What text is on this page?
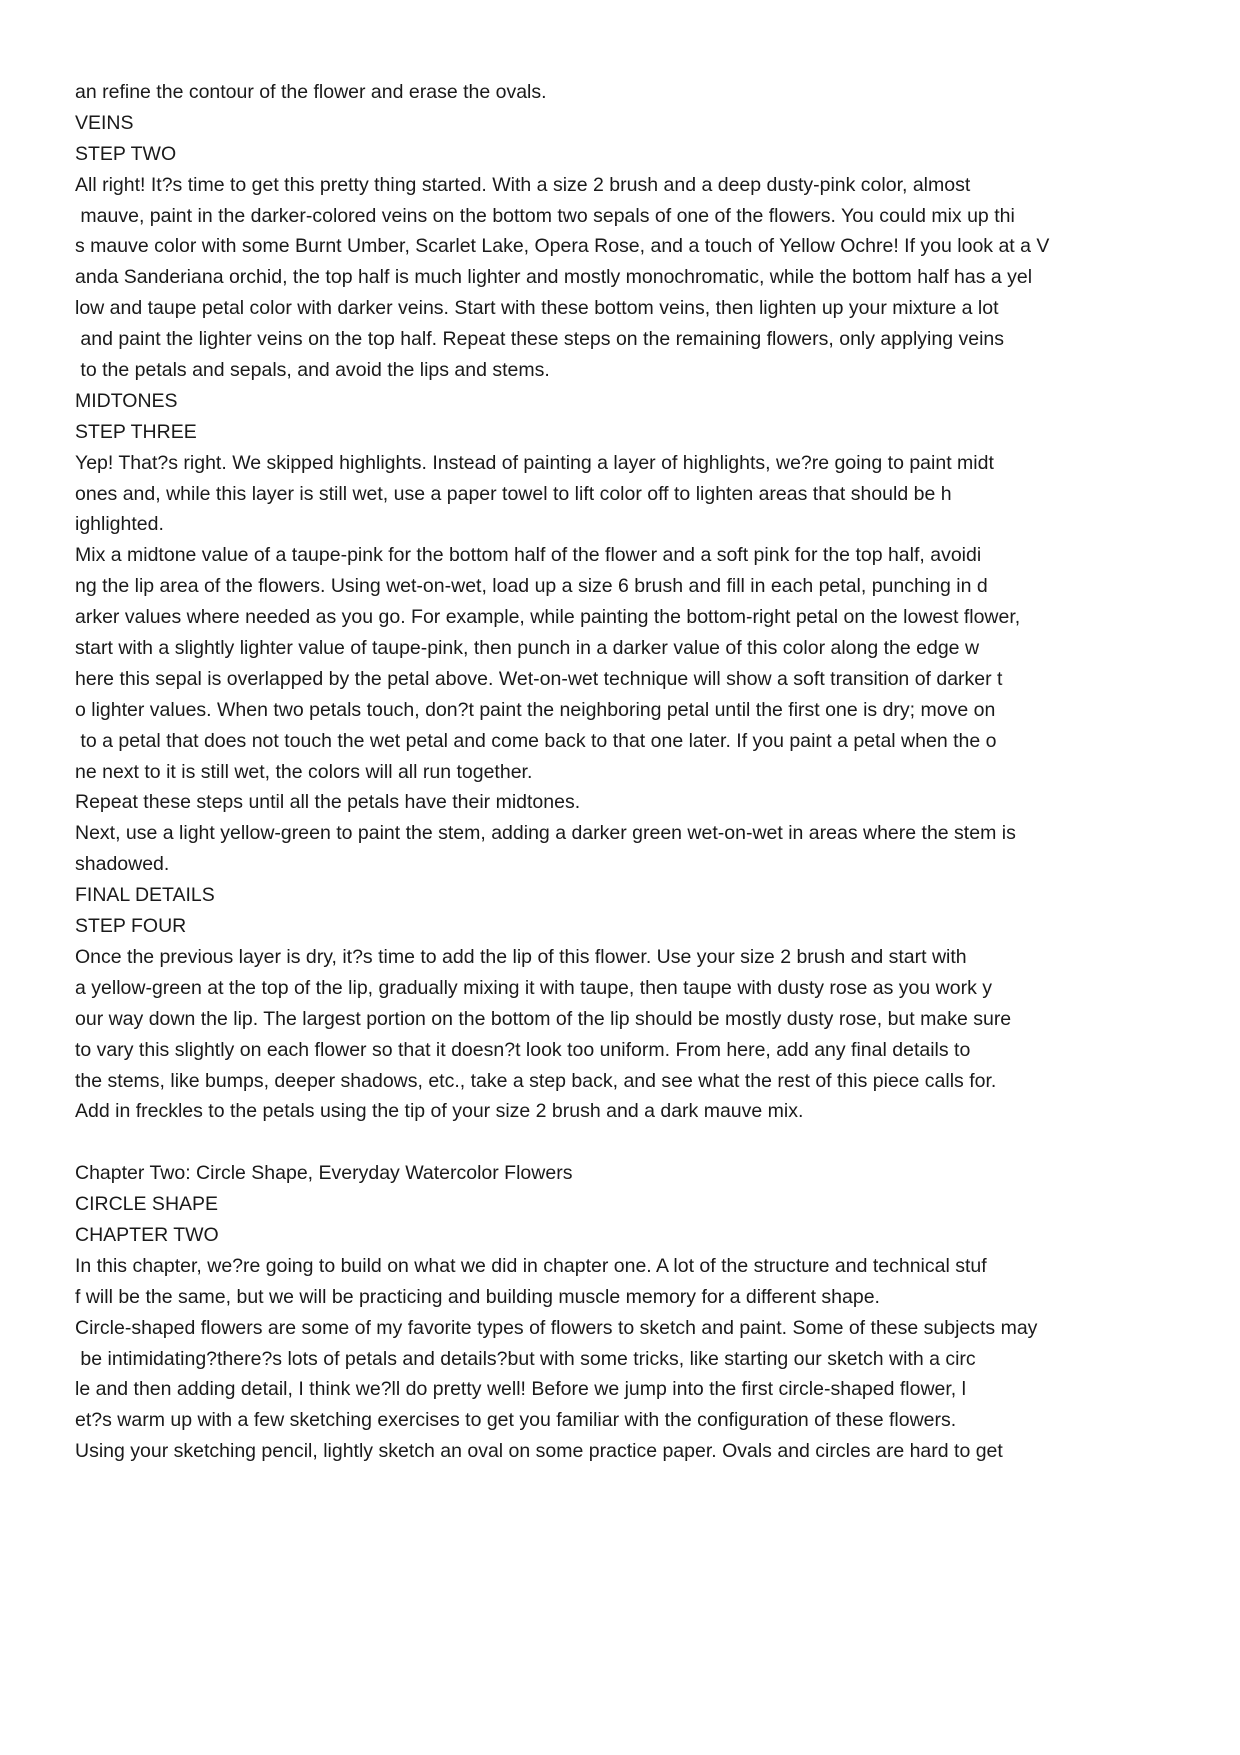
an refine the contour of the flower and erase the ovals.
VEINS
STEP TWO
All right! It?s time to get this pretty thing started. With a size 2 brush and a deep dusty-pink color, almost
mauve, paint in the darker-colored veins on the bottom two sepals of one of the flowers. You could mix up thi
s mauve color with some Burnt Umber, Scarlet Lake, Opera Rose, and a touch of Yellow Ochre! If you look at a V
anda Sanderiana orchid, the top half is much lighter and mostly monochromatic, while the bottom half has a yel
low and taupe petal color with darker veins. Start with these bottom veins, then lighten up your mixture a lot
and paint the lighter veins on the top half. Repeat these steps on the remaining flowers, only applying veins
to the petals and sepals, and avoid the lips and stems.
MIDTONES
STEP THREE
Yep! That?s right. We skipped highlights. Instead of painting a layer of highlights, we?re going to paint midt
ones and, while this layer is still wet, use a paper towel to lift color off to lighten areas that should be h
ighlighted.
Mix a midtone value of a taupe-pink for the bottom half of the flower and a soft pink for the top half, avoidi
ng the lip area of the flowers. Using wet-on-wet, load up a size 6 brush and fill in each petal, punching in d
arker values where needed as you go. For example, while painting the bottom-right petal on the lowest flower,
start with a slightly lighter value of taupe-pink, then punch in a darker value of this color along the edge w
here this sepal is overlapped by the petal above. Wet-on-wet technique will show a soft transition of darker t
o lighter values. When two petals touch, don?t paint the neighboring petal until the first one is dry; move on
to a petal that does not touch the wet petal and come back to that one later. If you paint a petal when the o
ne next to it is still wet, the colors will all run together.
Repeat these steps until all the petals have their midtones.
Next, use a light yellow-green to paint the stem, adding a darker green wet-on-wet in areas where the stem is
shadowed.
FINAL DETAILS
STEP FOUR
Once the previous layer is dry, it?s time to add the lip of this flower. Use your size 2 brush and start with
a yellow-green at the top of the lip, gradually mixing it with taupe, then taupe with dusty rose as you work y
our way down the lip. The largest portion on the bottom of the lip should be mostly dusty rose, but make sure
to vary this slightly on each flower so that it doesn?t look too uniform. From here, add any final details to
the stems, like bumps, deeper shadows, etc., take a step back, and see what the rest of this piece calls for.
Add in freckles to the petals using the tip of your size 2 brush and a dark mauve mix.
Chapter Two: Circle Shape, Everyday Watercolor Flowers
CIRCLE SHAPE
CHAPTER TWO
In this chapter, we?re going to build on what we did in chapter one. A lot of the structure and technical stuf
f will be the same, but we will be practicing and building muscle memory for a different shape.
Circle-shaped flowers are some of my favorite types of flowers to sketch and paint. Some of these subjects may
be intimidating?there?s lots of petals and details?but with some tricks, like starting our sketch with a circ
le and then adding detail, I think we?ll do pretty well! Before we jump into the first circle-shaped flower, l
et?s warm up with a few sketching exercises to get you familiar with the configuration of these flowers.
Using your sketching pencil, lightly sketch an oval on some practice paper. Ovals and circles are hard to get
